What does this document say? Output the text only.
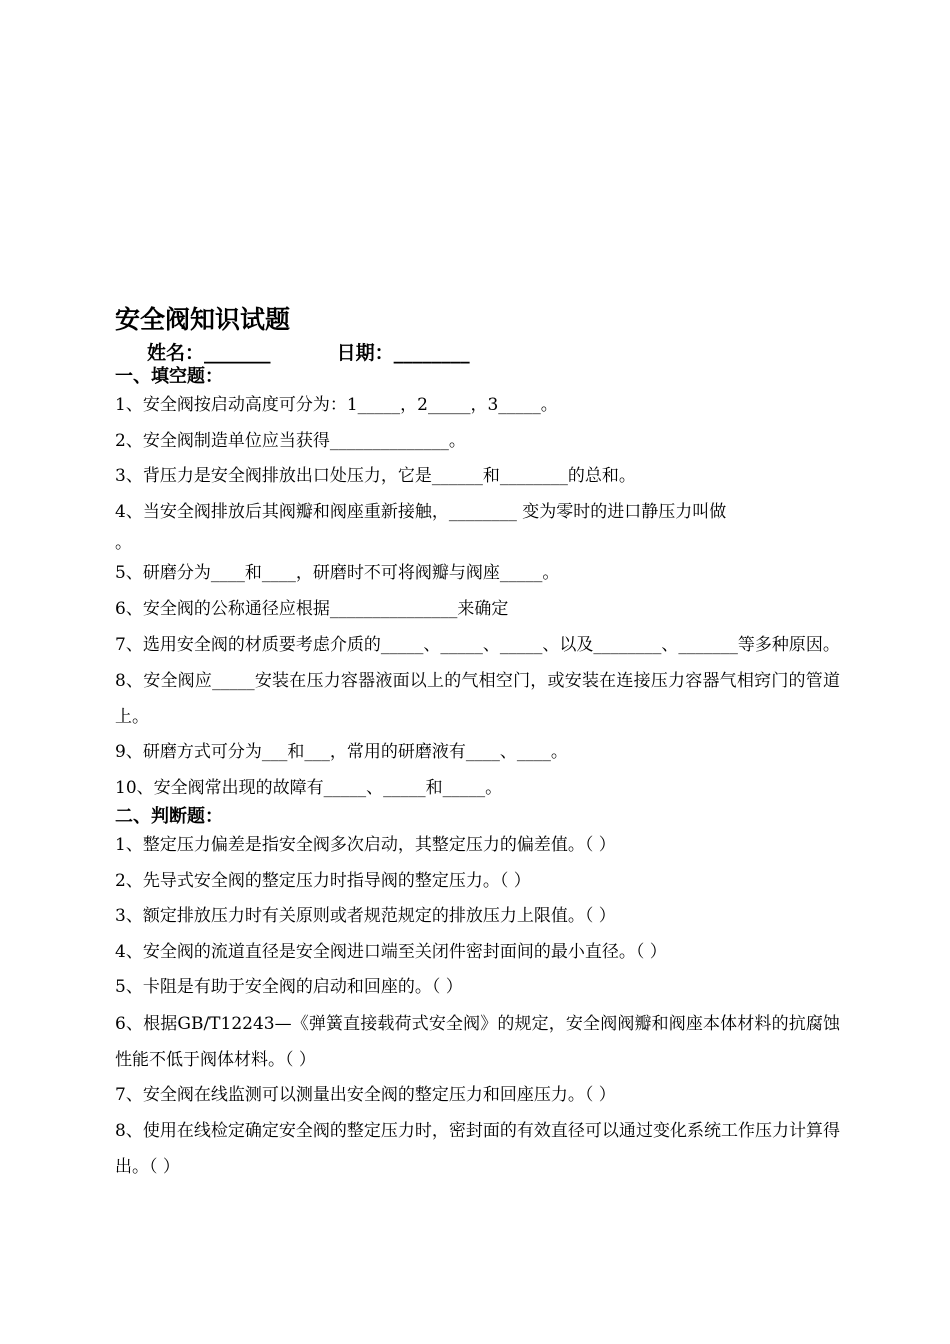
安全阀知识试题
姓名：_______          日期：________
一、填空题：

1、安全阀按启动高度可分为：1_____，2_____，3_____。

2、安全阀制造单位应当获得______________。

3、背压力是安全阀排放出口处压力，它是______和________的总和。

4、当安全阀排放后其阀瓣和阀座重新接触，________ 变为零时的进口静压力叫做

。

5、研磨分为____和____，研磨时不可将阀瓣与阀座_____。

6、安全阀的公称通径应根据_______________来确定

7、选用安全阀的材质要考虑介质的_____、_____、_____、以及________、_______等多种原因。

8、安全阀应_____安装在压力容器液面以上的气相空门，或安装在连接压力容器气相窍门的管道上。

9、研磨方式可分为___和___，常用的研磨液有____、____。

10、安全阀常出现的故障有_____、_____和_____。

二、判断题：

1、整定压力偏差是指安全阀多次启动，其整定压力的偏差值。（ ）

2、先导式安全阀的整定压力时指导阀的整定压力。（ ）

3、额定排放压力时有关原则或者规范规定的排放压力上限值。（ ）

4、安全阀的流道直径是安全阀进口端至关闭件密封面间的最小直径。（ ）

5、卡阻是有助于安全阀的启动和回座的。（ ）

6、根据GB/T12243—《弹簧直接载荷式安全阀》的规定，安全阀阀瓣和阀座本体材料的抗腐蚀性能不低于阀体材料。（ ）

7、安全阀在线监测可以测量出安全阀的整定压力和回座压力。（ ）

8、使用在线检定确定安全阀的整定压力时，密封面的有效直径可以通过变化系统工作压力计算得出。（ ）
